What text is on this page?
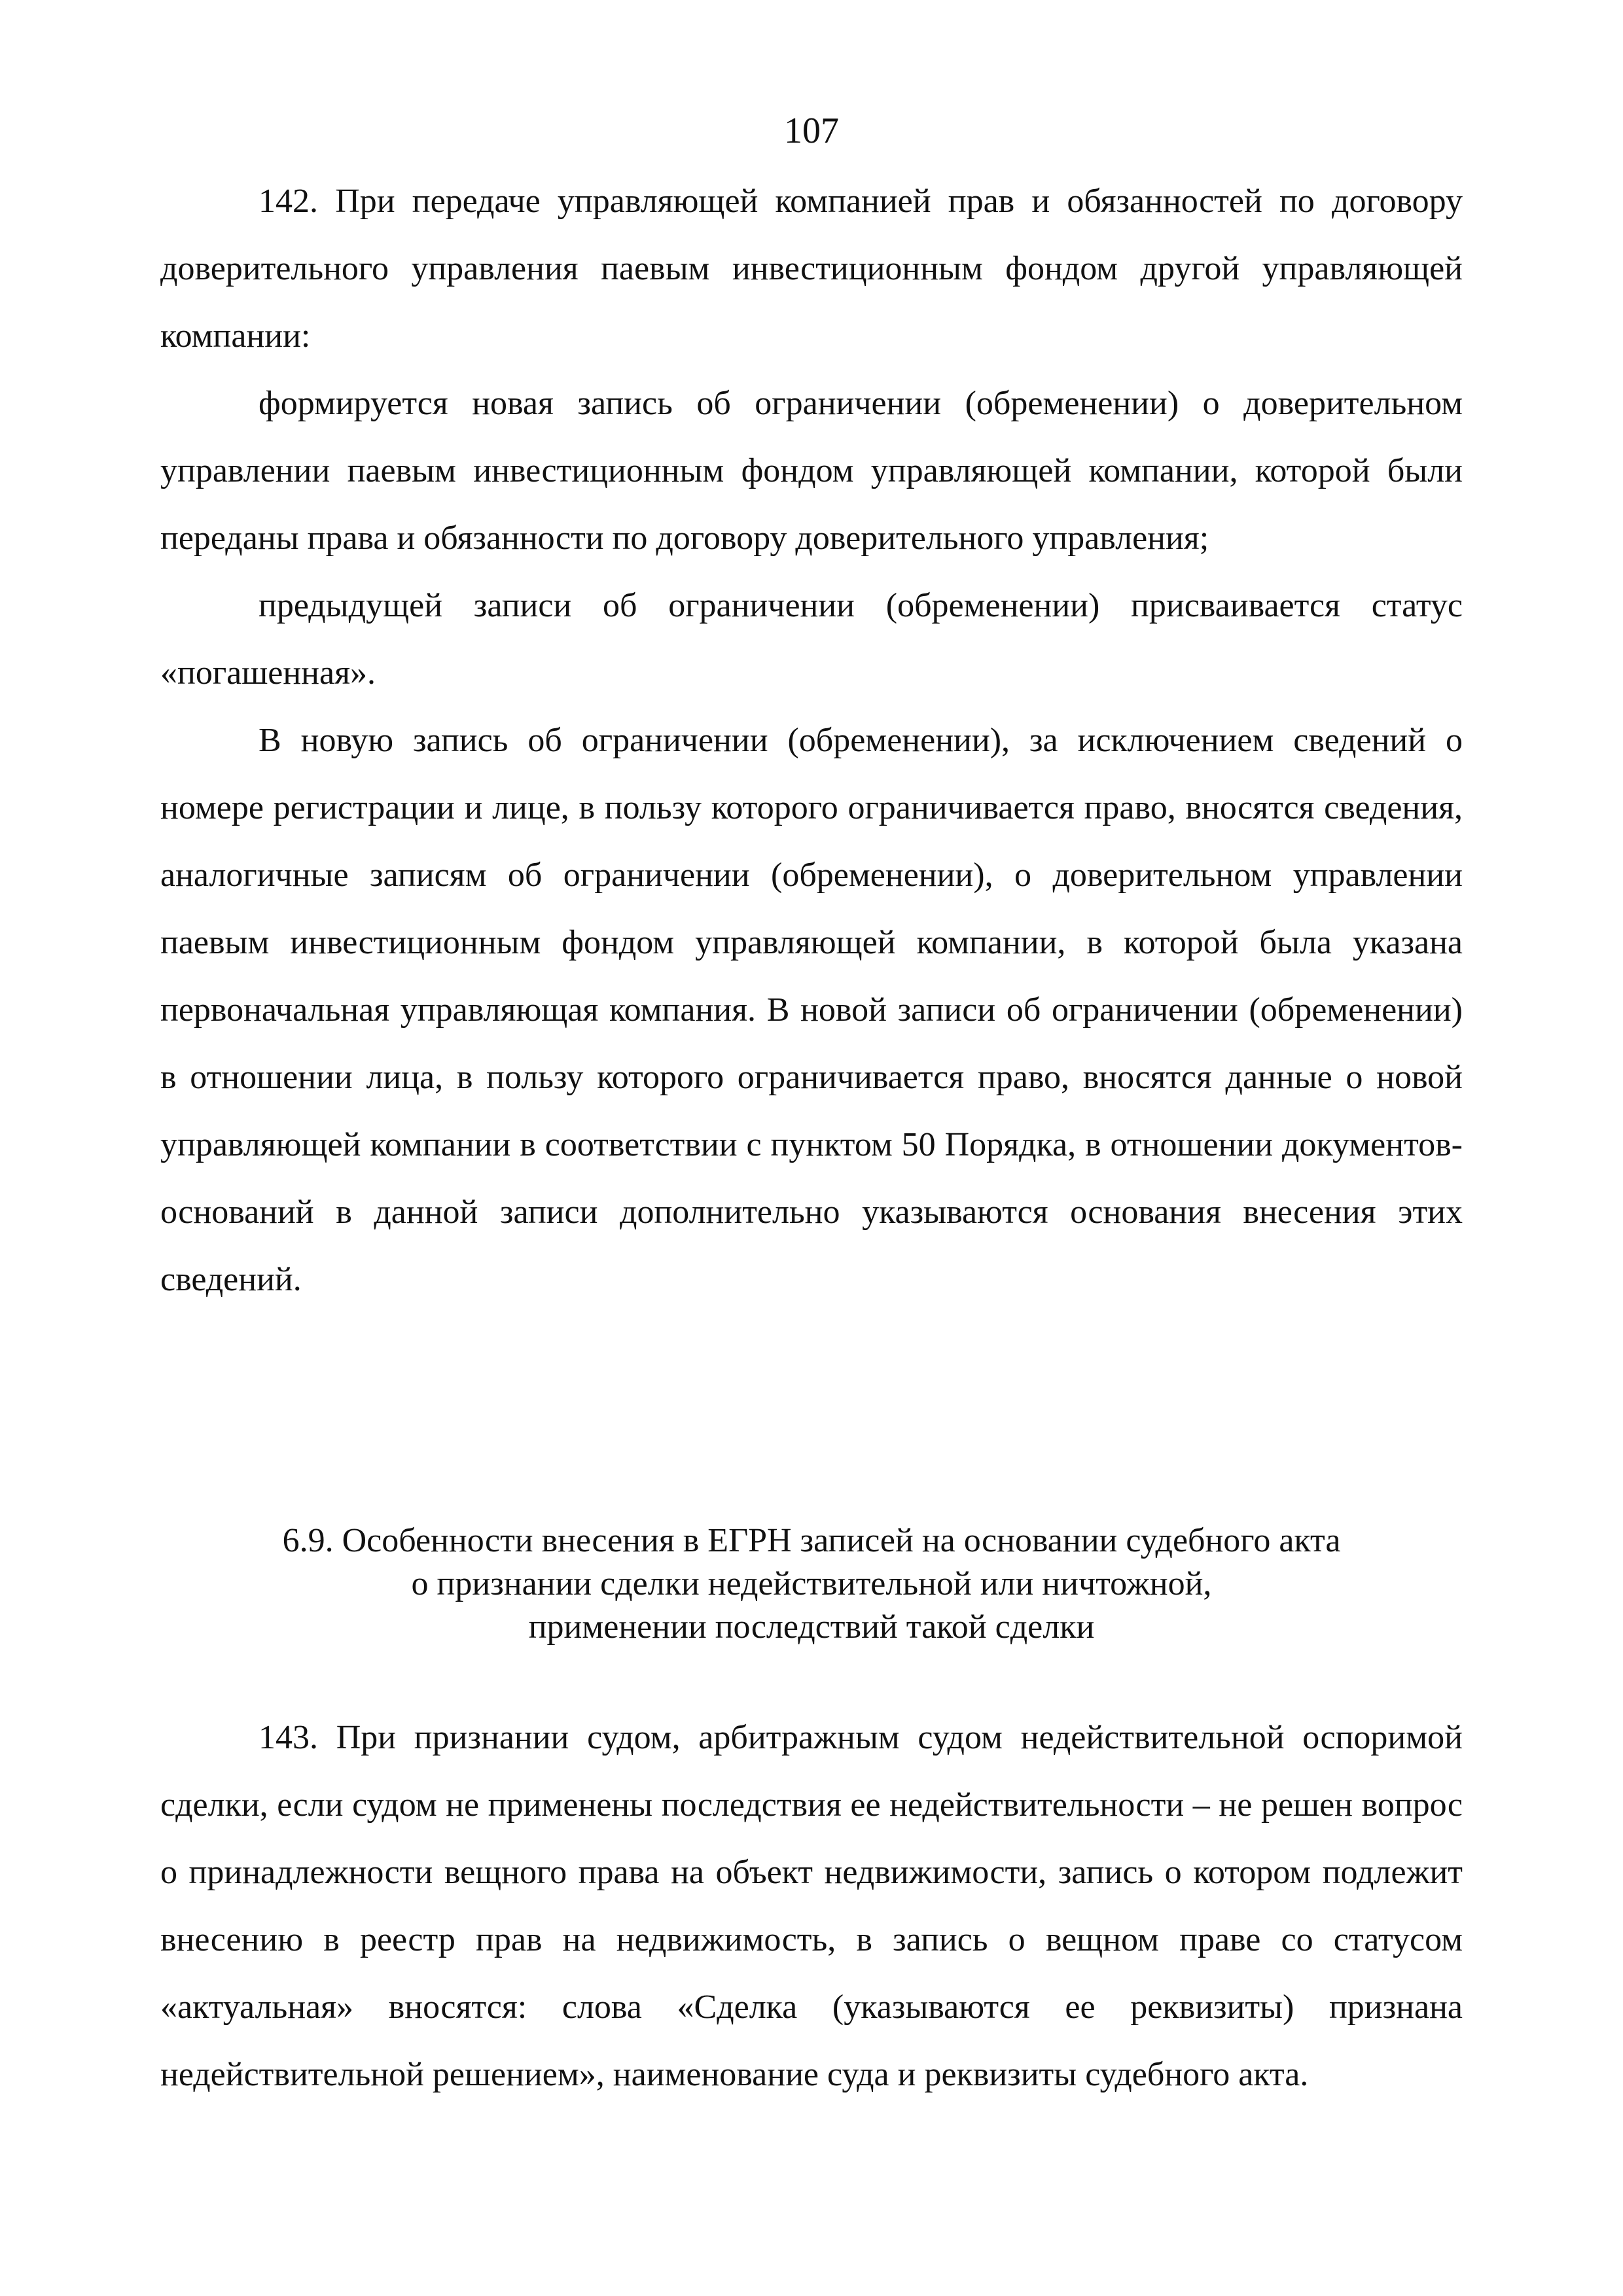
107

142. При передаче управляющей компанией прав и обязанностей по договору доверительного управления паевым инвестиционным фондом другой управляющей компании:

формируется новая запись об ограничении (обременении) о доверительном управлении паевым инвестиционным фондом управляющей компании, которой были переданы права и обязанности по договору доверительного управления;

предыдущей записи об ограничении (обременении) присваивается статус «погашенная».

В новую запись об ограничении (обременении), за исключением сведений о номере регистрации и лице, в пользу которого ограничивается право, вносятся сведения, аналогичные записям об ограничении (обременении), о доверительном управлении паевым инвестиционным фондом управляющей компании, в которой была указана первоначальная управляющая компания. В новой записи об ограничении (обременении) в отношении лица, в пользу которого ограничивается право, вносятся данные о новой управляющей компании в соответствии с пунктом 50 Порядка, в отношении документов-оснований в данной записи дополнительно указываются основания внесения этих сведений.

6.9. Особенности внесения в ЕГРН записей на основании судебного акта
о признании сделки недействительной или ничтожной,
применении последствий такой сделки

143. При признании судом, арбитражным судом недействительной оспоримой сделки, если судом не применены последствия ее недействительности – не решен вопрос о принадлежности вещного права на объект недвижимости, запись о котором подлежит внесению в реестр прав на недвижимость, в запись о вещном праве со статусом «актуальная» вносятся: слова «Сделка (указываются ее реквизиты) признана недействительной решением», наименование суда и реквизиты судебного акта.
